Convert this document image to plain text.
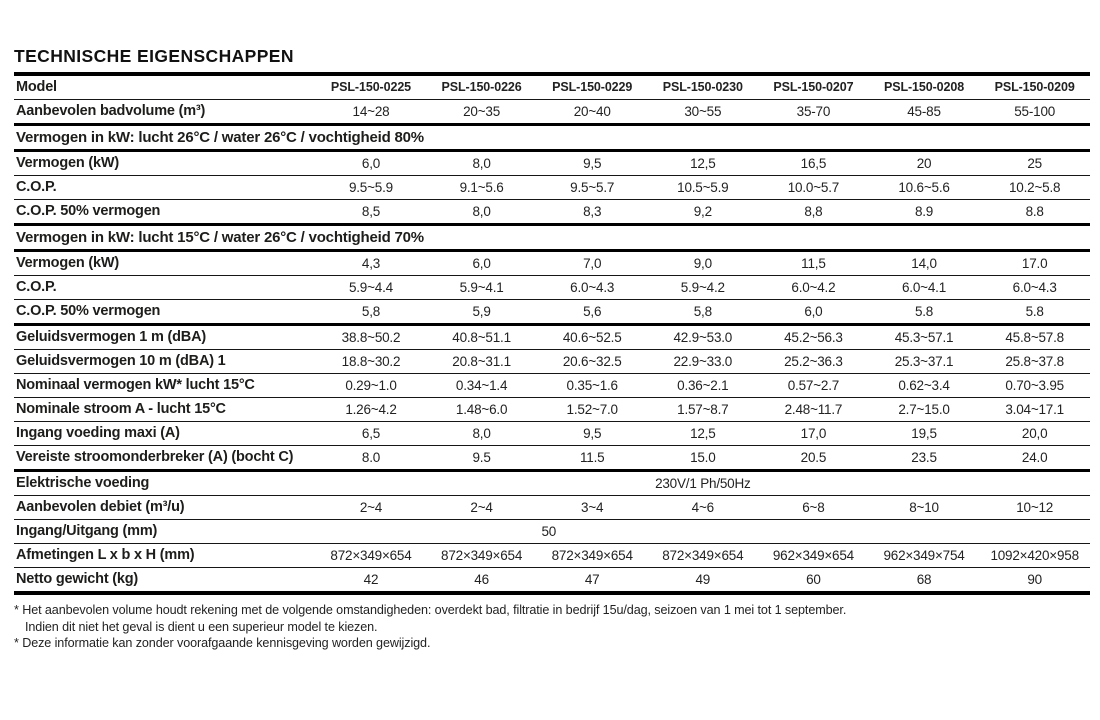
TECHNISCHE EIGENSCHAPPEN
Model	PSL-150-0225	PSL-150-0226	PSL-150-0229	PSL-150-0230	PSL-150-0207	PSL-150-0208	PSL-150-0209
Aanbevolen badvolume (m³)	14~28	20~35	20~40	30~55	35-70	45-85	55-100
Vermogen in kW: lucht 26°C / water 26°C / vochtigheid 80%							
Vermogen (kW)	6,0	8,0	9,5	12,5	16,5	20	25
C.O.P.	9.5~5.9	9.1~5.6	9.5~5.7	10.5~5.9	10.0~5.7	10.6~5.6	10.2~5.8
C.O.P. 50% vermogen	8,5	8,0	8,3	9,2	8,8	8.9	8.8
Vermogen in kW: lucht 15°C / water 26°C / vochtigheid 70%							
Vermogen (kW)	4,3	6,0	7,0	9,0	11,5	14,0	17.0
C.O.P.	5.9~4.4	5.9~4.1	6.0~4.3	5.9~4.2	6.0~4.2	6.0~4.1	6.0~4.3
C.O.P. 50% vermogen	5,8	5,9	5,6	5,8	6,0	5.8	5.8
Geluidsvermogen 1 m (dBA)	38.8~50.2	40.8~51.1	40.6~52.5	42.9~53.0	45.2~56.3	45.3~57.1	45.8~57.8
Geluidsvermogen 10 m (dBA) 1	18.8~30.2	20.8~31.1	20.6~32.5	22.9~33.0	25.2~36.3	25.3~37.1	25.8~37.8
Nominaal vermogen kW* lucht 15°C	0.29~1.0	0.34~1.4	0.35~1.6	0.36~2.1	0.57~2.7	0.62~3.4	0.70~3.95
Nominale stroom A - lucht 15°C	1.26~4.2	1.48~6.0	1.52~7.0	1.57~8.7	2.48~11.7	2.7~15.0	3.04~17.1
Ingang voeding maxi (A)	6,5	8,0	9,5	12,5	17,0	19,5	20,0
Vereiste stroomonderbreker (A) (bocht C)	8.0	9.5	11.5	15.0	20.5	23.5	24.0
Elektrische voeding	230V/1 Ph/50Hz						
Aanbevolen debiet (m³/u)	2~4	2~4	3~4	4~6	6~8	8~10	10~12
Ingang/Uitgang (mm)	50						
Afmetingen L x b x H (mm)	872×349×654	872×349×654	872×349×654	872×349×654	962×349×654	962×349×754	1092×420×958
Netto gewicht (kg)	42	46	47	49	60	68	90

* Het aanbevolen volume houdt rekening met de volgende omstandigheden: overdekt bad, filtratie in bedrijf 15u/dag, seizoen van 1 mei tot 1 september.

Indien dit niet het geval is dient u een superieur model te kiezen.

* Deze informatie kan zonder voorafgaande kennisgeving worden gewijzigd.
